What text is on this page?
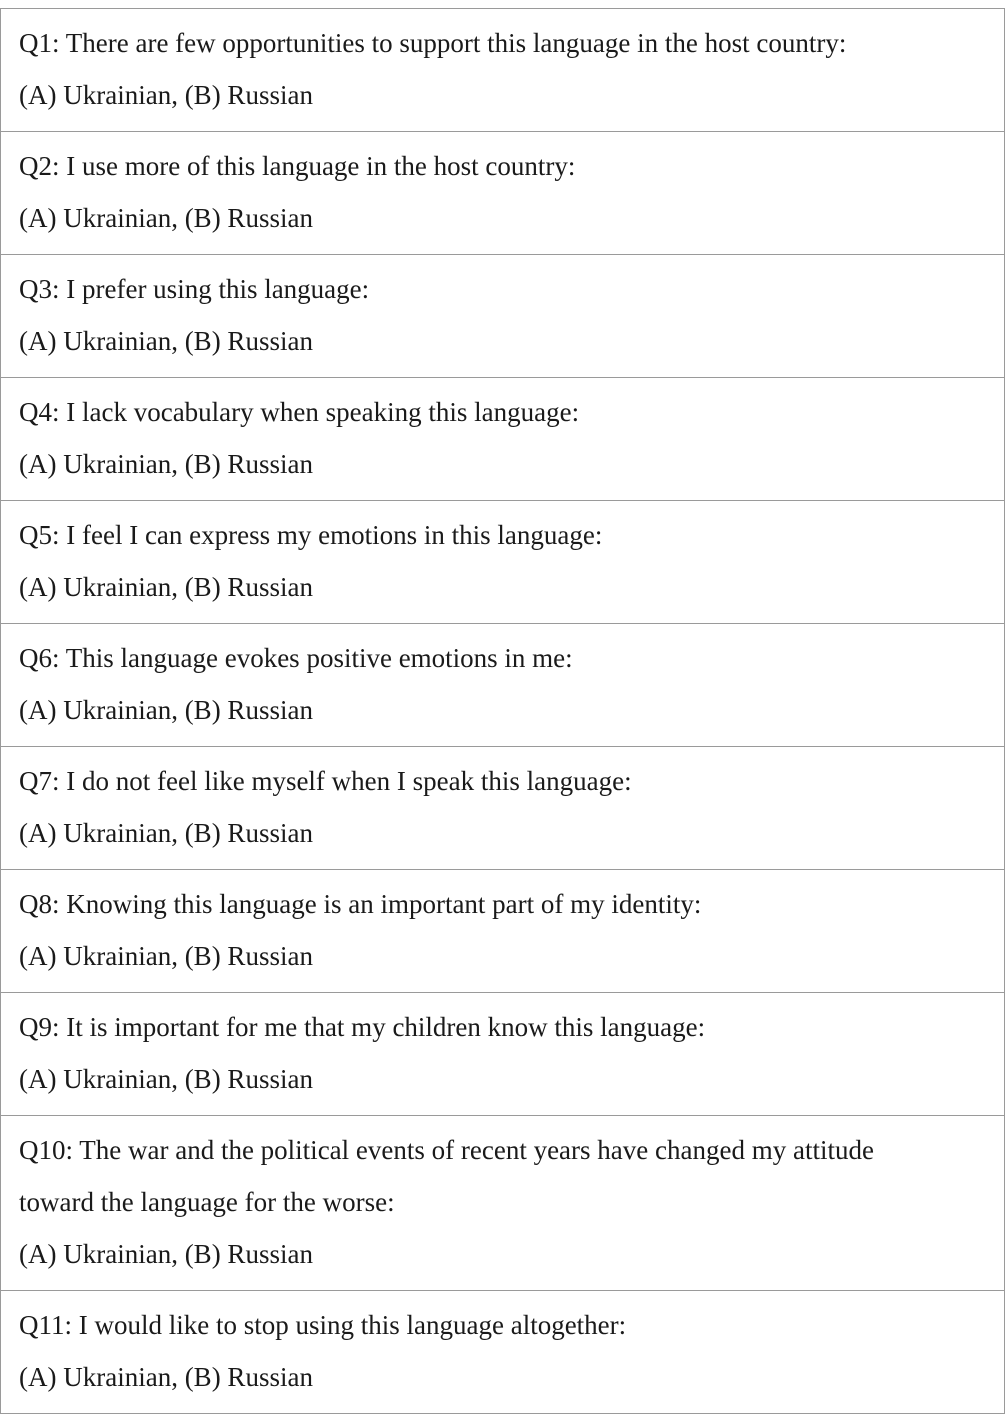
Q1: There are few opportunities to support this language in the host country:
(A) Ukrainian, (B) Russian
Q2: I use more of this language in the host country:
(A) Ukrainian, (B) Russian
Q3: I prefer using this language:
(A) Ukrainian, (B) Russian
Q4: I lack vocabulary when speaking this language:
(A) Ukrainian, (B) Russian
Q5: I feel I can express my emotions in this language:
(A) Ukrainian, (B) Russian
Q6: This language evokes positive emotions in me:
(A) Ukrainian, (B) Russian
Q7: I do not feel like myself when I speak this language:
(A) Ukrainian, (B) Russian
Q8: Knowing this language is an important part of my identity:
(A) Ukrainian, (B) Russian
Q9: It is important for me that my children know this language:
(A) Ukrainian, (B) Russian
Q10: The war and the political events of recent years have changed my attitude
toward the language for the worse:
(A) Ukrainian, (B) Russian
Q11: I would like to stop using this language altogether:
(A) Ukrainian, (B) Russian
